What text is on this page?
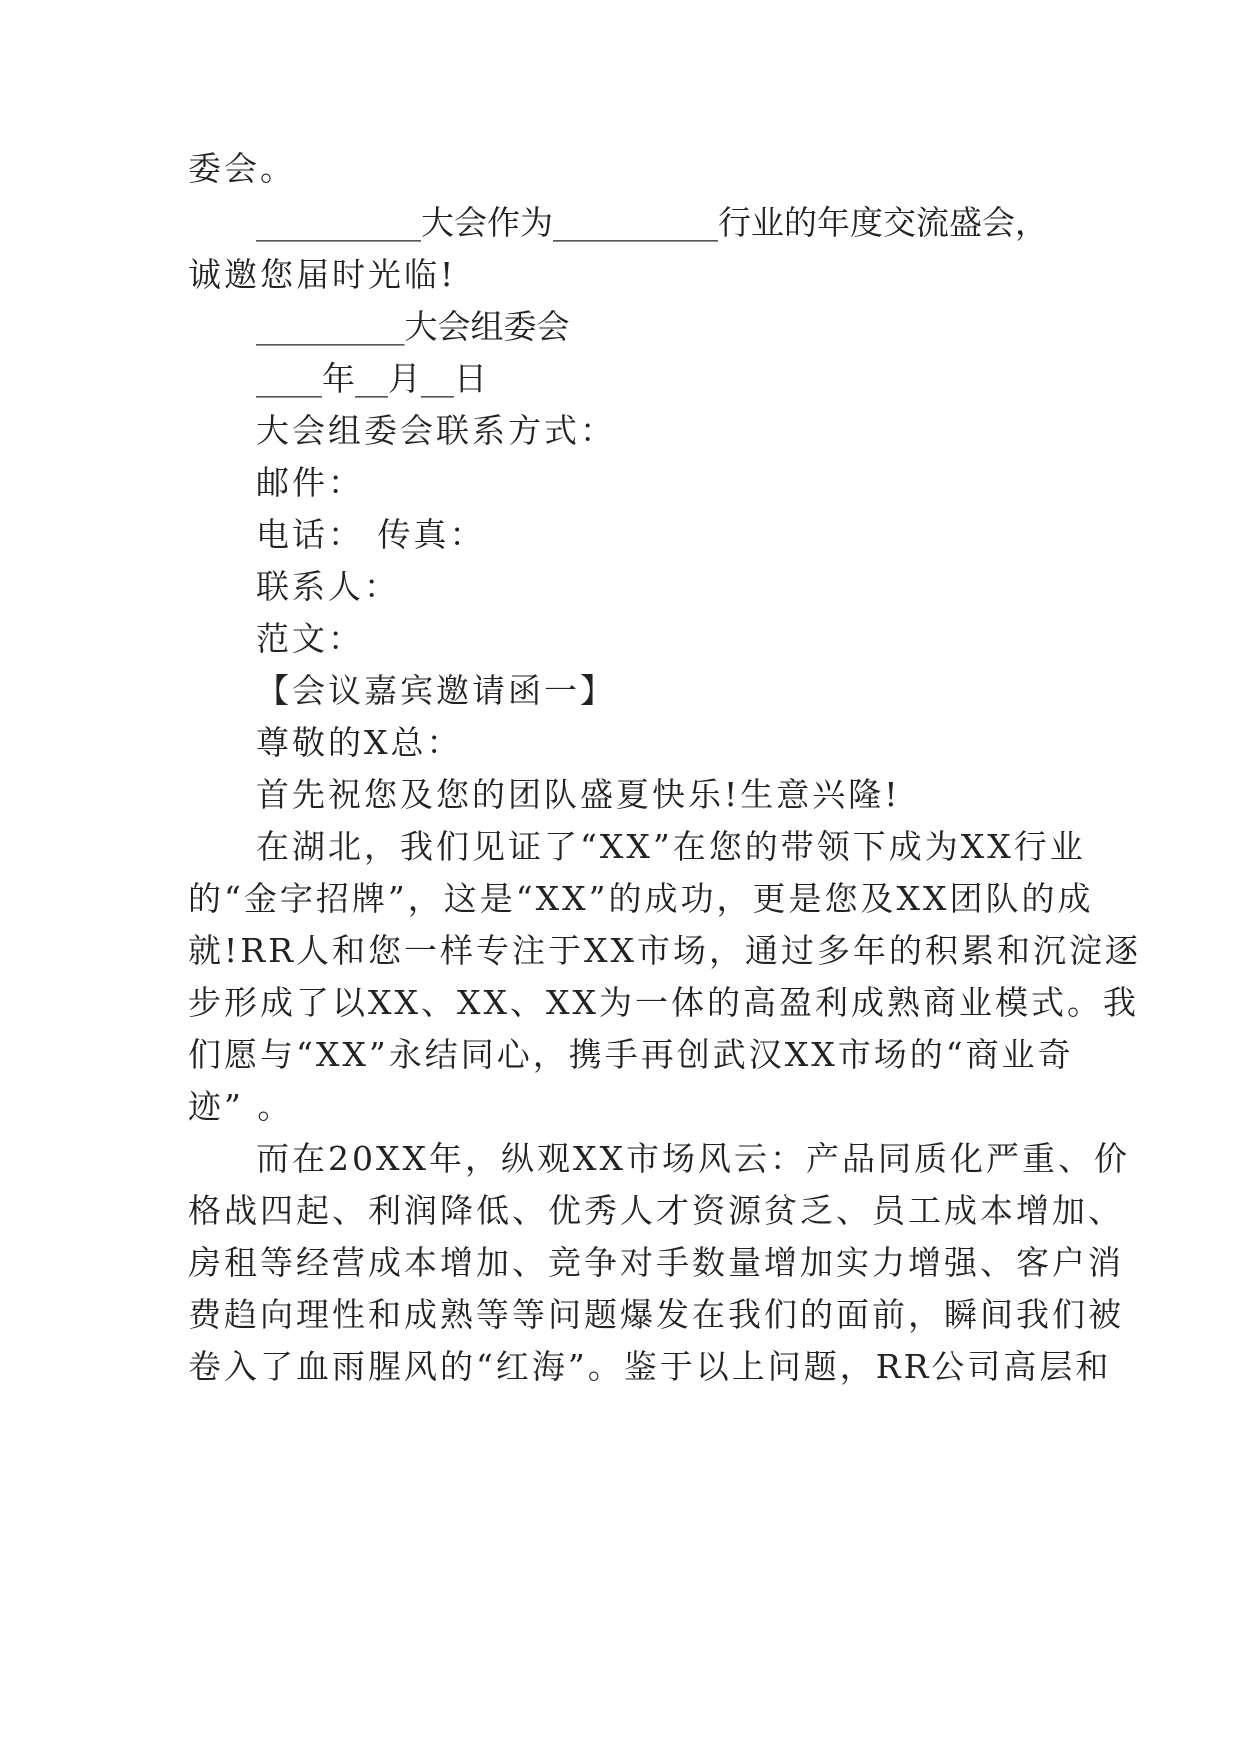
委会。
__________大会作为__________行业的年度交流盛会，
诚邀您届时光临!
_________大会组委会
____年__月__日
大会组委会联系方式：
邮件：
电话： 传真：
联系人：
范文：
【会议嘉宾邀请函一】
尊敬的X总：
首先祝您及您的团队盛夏快乐!生意兴隆!
在湖北，我们见证了“XX”在您的带领下成为XX行业
的“金字招牌”，这是“XX”的成功，更是您及XX团队的成
就!RR人和您一样专注于XX市场，通过多年的积累和沉淀逐
步形成了以XX、XX、XX为一体的高盈利成熟商业模式。我
们愿与“XX”永结同心，携手再创武汉XX市场的“商业奇
迹” 。
而在20XX年，纵观XX市场风云：产品同质化严重、价
格战四起、利润降低、优秀人才资源贫乏、员工成本增加、
房租等经营成本增加、竞争对手数量增加实力增强、客户消
费趋向理性和成熟等等问题爆发在我们的面前，瞬间我们被
卷入了血雨腥风的“红海”。鉴于以上问题，RR公司高层和
